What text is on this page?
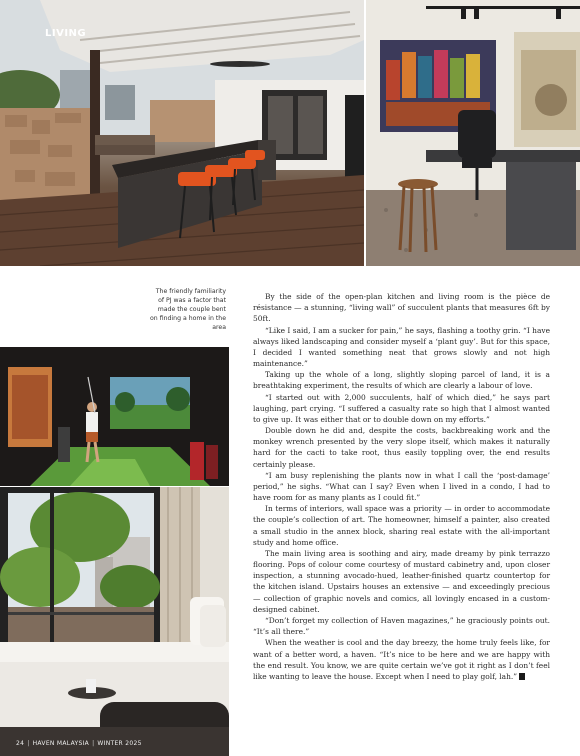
LIVING
The friendly familiarity of PJ was a factor that made the couple bent on finding a home in the area

By the side of the open-plan kitchen and living room is the pièce de résistance — a stunning, “living wall” of succulent plants that measures 6ft by 50ft.

“Like I said, I am a sucker for pain,” he says, flashing a toothy grin. “I have always liked landscaping and consider myself a ‘plant guy’. But for this space, I decided I wanted something neat that grows slowly and not high maintenance.”

Taking up the whole of a long, slightly sloping parcel of land, it is a breathtaking experiment, the results of which are clearly a labour of love.

“I started out with 2,000 succulents, half of which died,” he says part laughing, part crying. “I suffered a casualty rate so high that I almost wanted to give up. It was either that or to double down on my efforts.”

Double down he did and, despite the costs, backbreaking work and the monkey wrench presented by the very slope itself, which makes it naturally hard for the cacti to take root, thus easily toppling over, the end results certainly please.

“I am busy replenishing the plants now in what I call the ‘post-damage’ period,” he sighs. “What can I say? Even when I lived in a condo, I had to have room for as many plants as I could fit.”

In terms of interiors, wall space was a priority — in order to accommodate the couple’s collection of art. The homeowner, himself a painter, also created a small studio in the annex block, sharing real estate with the all-important study and home office.

The main living area is soothing and airy, made dreamy by pink terrazzo flooring. Pops of colour come courtesy of mustard cabinetry and, upon closer inspection, a stunning avocado-hued, leather-finished quartz countertop for the kitchen island. Upstairs houses an extensive — and exceedingly precious — collection of graphic novels and comics, all lovingly encased in a custom-designed cabinet.

“Don’t forget my collection of Haven magazines,” he graciously points out. “It’s all there.”

When the weather is cool and the day breezy, the home truly feels like, for want of a better word, a haven. “It’s nice to be here and we are happy with the end result. You know, we are quite certain we’ve got it right as I don’t feel like wanting to leave the house. Except when I need to play golf, lah.”

24 | HAVEN MALAYSIA | WINTER 2025
